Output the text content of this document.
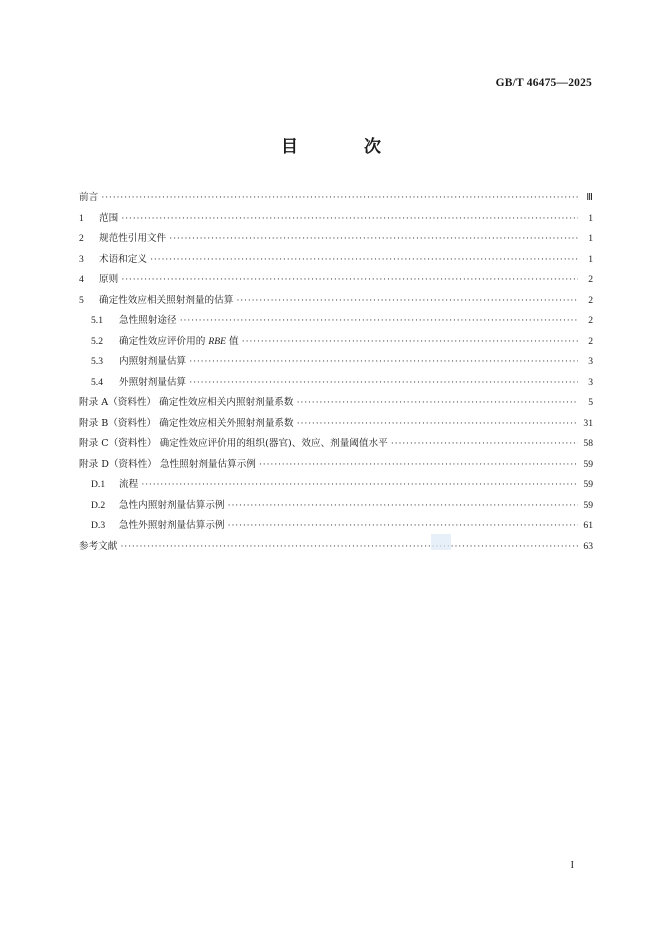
GB/T 46475—2025
目 次
前言 ·····	Ⅲ
1	范围 ·····	1
2	规范性引用文件 ·····	1
3	术语和定义 ·····	1
4	原则 ·····	2
5	确定性效应相关照射剂量的估算 ·····	2
5.1	急性照射途径 ·····	2
5.2	确定性效应评价用的 RBE 值 ·····	2
5.3	内照射剂量估算 ·····	3
5.4	外照射剂量估算 ·····	3
附录 A（资料性） 确定性效应相关内照射剂量系数 ·····	5
附录 B（资料性） 确定性效应相关外照射剂量系数 ·····	31
附录 C（资料性） 确定性效应评价用的组织(器官)、效应、剂量阈值水平 ·····	58
附录 D（资料性） 急性照射剂量估算示例 ·····	59
D.1	流程 ·····	59
D.2	急性内照射剂量估算示例 ·····	59
D.3	急性外照射剂量估算示例 ·····	61
参考文献 ·····	63
I
